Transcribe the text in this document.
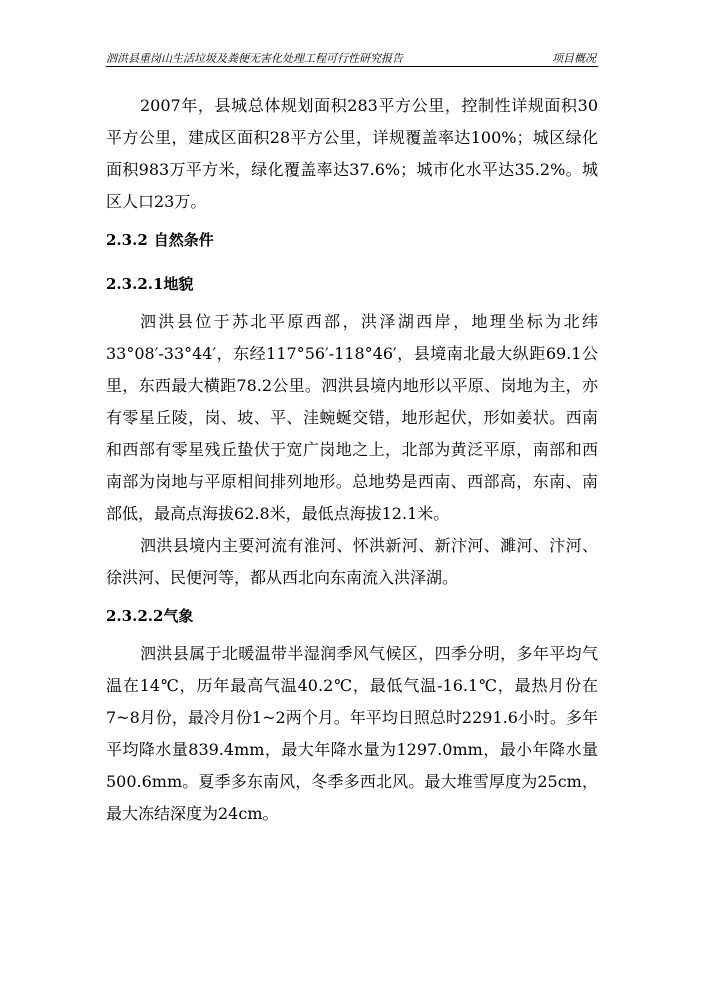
泗洪县重岗山生活垃圾及粪便无害化处理工程可行性研究报告	项目概况

2007年，县城总体规划面积283平方公里，控制性详规面积30平方公里，建成区面积28平方公里，详规覆盖率达100%；城区绿化面积983万平方米，绿化覆盖率达37.6%；城市化水平达35.2%。城区人口23万。

2.3.2 自然条件
2.3.2.1地貌

泗洪县位于苏北平原西部，洪泽湖西岸，地理坐标为北纬33°08′-33°44′，东经117°56′-118°46′，县境南北最大纵距69.1公里，东西最大横距78.2公里。泗洪县境内地形以平原、岗地为主，亦有零星丘陵，岗、坡、平、洼蜿蜒交错，地形起伏，形如姜状。西南和西部有零星残丘蛰伏于宽广岗地之上，北部为黄泛平原，南部和西南部为岗地与平原相间排列地形。总地势是西南、西部高，东南、南部低，最高点海拔62.8米，最低点海拔12.1米。

泗洪县境内主要河流有淮河、怀洪新河、新汴河、濉河、汴河、徐洪河、民便河等，都从西北向东南流入洪泽湖。

2.3.2.2气象

泗洪县属于北暖温带半湿润季风气候区，四季分明，多年平均气温在14℃，历年最高气温40.2℃，最低气温-16.1℃，最热月份在7~8月份，最冷月份1~2两个月。年平均日照总时2291.6小时。多年平均降水量839.4mm，最大年降水量为1297.0mm，最小年降水量500.6mm。夏季多东南风，冬季多西北风。最大堆雪厚度为25cm，最大冻结深度为24cm。
